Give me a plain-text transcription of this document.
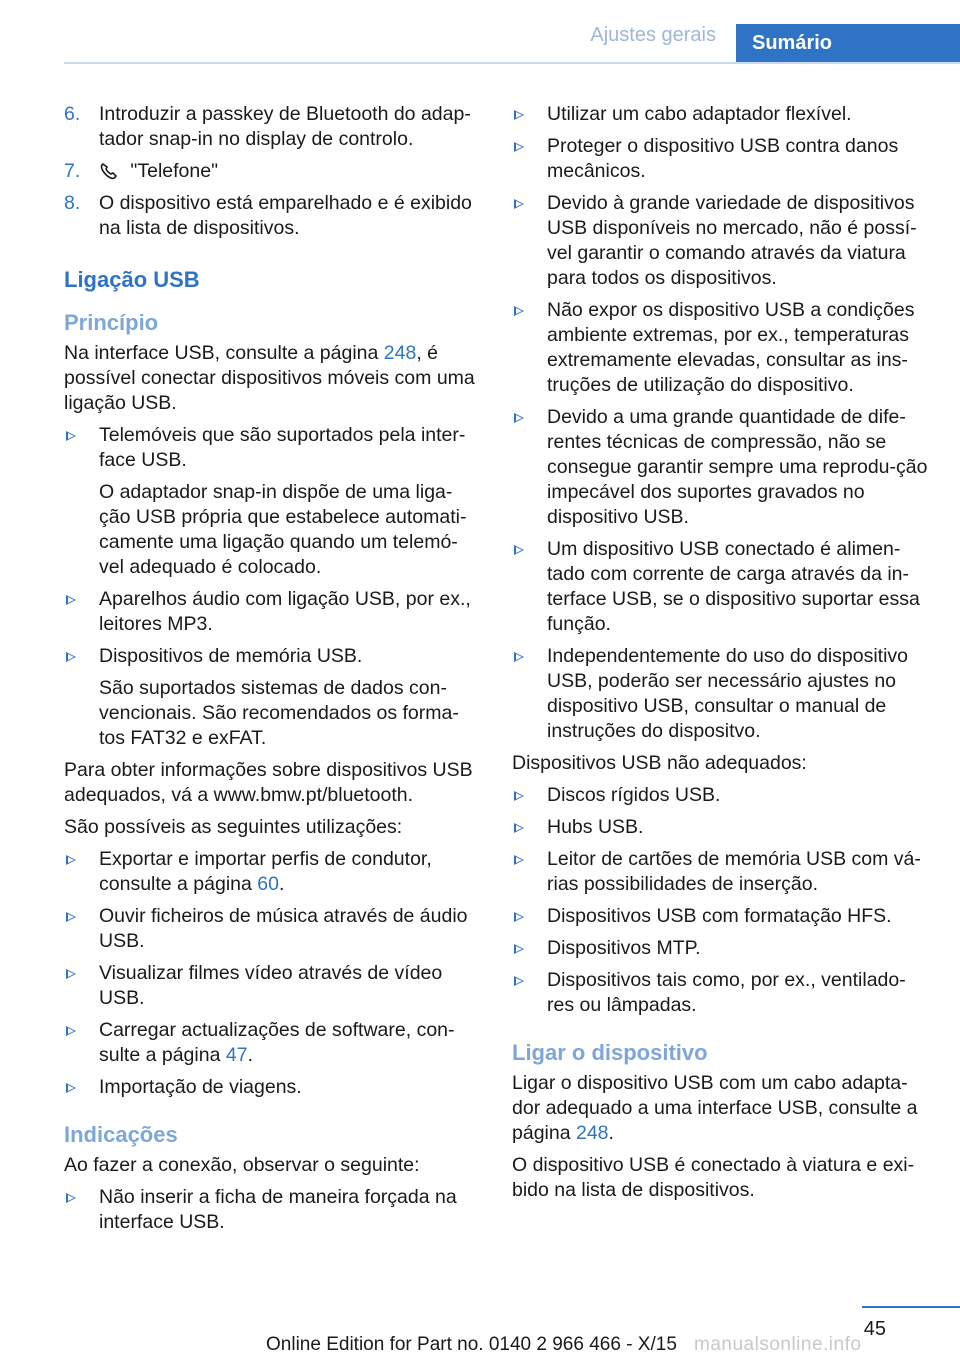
Ajustes gerais	Sumário
6. Introduzir a passkey de Bluetooth do adap-tador snap-in no display de controlo.
7.	"Telefone"
8. O dispositivo está emparelhado e é exibido na lista de dispositivos.
Ligação USB
Princípio

Na interface USB, consulte a página 248, é possível conectar dispositivos móveis com uma ligação USB.

Telemóveis que são suportados pela inter-face USB.
O adaptador snap-in dispõe de uma liga-ção USB própria que estabelece automati-camente uma ligação quando um telemó-vel adequado é colocado.
Aparelhos áudio com ligação USB, por ex., leitores MP3.
Dispositivos de memória USB.
São suportados sistemas de dados con-vencionais. São recomendados os forma-tos FAT32 e exFAT.

Para obter informações sobre dispositivos USB adequados, vá a www.bmw.pt/bluetooth.

São possíveis as seguintes utilizações:

Exportar e importar perfis de condutor, consulte a página 60.
Ouvir ficheiros de música através de áudio USB.
Visualizar filmes vídeo através de vídeo USB.
Carregar actualizações de software, con-sulte a página 47.
Importação de viagens.
Indicações

Ao fazer a conexão, observar o seguinte:

Não inserir a ficha de maneira forçada na interface USB.
Utilizar um cabo adaptador flexível.
Proteger o dispositivo USB contra danos mecânicos.
Devido à grande variedade de dispositivos USB disponíveis no mercado, não é possí-vel garantir o comando através da viatura para todos os dispositivos.
Não expor os dispositivo USB a condições ambiente extremas, por ex., temperaturas extremamente elevadas, consultar as ins-truções de utilização do dispositivo.
Devido a uma grande quantidade de dife-rentes técnicas de compressão, não se consegue garantir sempre uma reprodu-ção impecável dos suportes gravados no dispositivo USB.
Um dispositivo USB conectado é alimen-tado com corrente de carga através da in-terface USB, se o dispositivo suportar essa função.
Independentemente do uso do dispositivo USB, poderão ser necessário ajustes no dispositivo USB, consultar o manual de instruções do dispositvo.

Dispositivos USB não adequados:

Discos rígidos USB.
Hubs USB.
Leitor de cartões de memória USB com vá-rias possibilidades de inserção.
Dispositivos USB com formatação HFS.
Dispositivos MTP.
Dispositivos tais como, por ex., ventilado-res ou lâmpadas.
Ligar o dispositivo

Ligar o dispositivo USB com um cabo adapta-dor adequado a uma interface USB, consulte a página 248.

O dispositivo USB é conectado à viatura e exi-bido na lista de dispositivos.

45
Online Edition for Part no. 0140 2 966 466 - X/15 manualsonline.info
